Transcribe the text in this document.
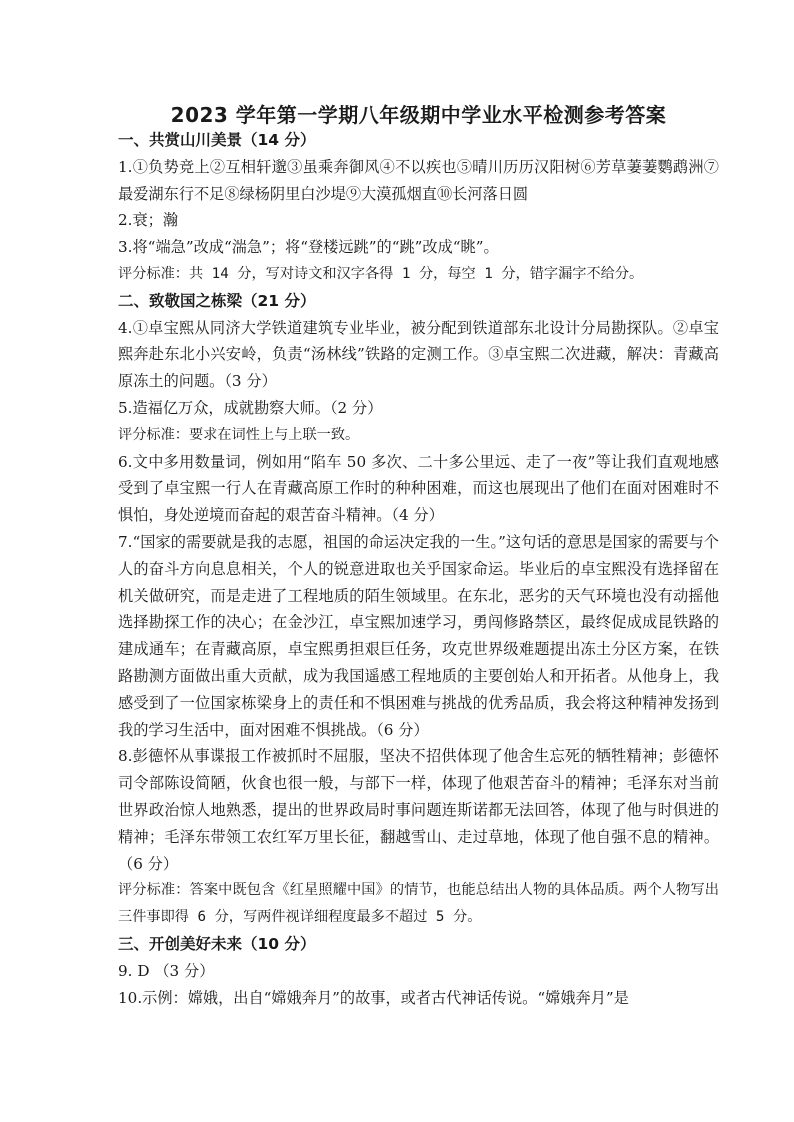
2023 学年第一学期八年级期中学业水平检测参考答案
一、共赏山川美景（14 分）
1.①负势竞上②互相轩邈③虽乘奔御风④不以疾也⑤晴川历历汉阳树⑥芳草萋萋鹦鹉洲⑦最爱湖东行不足⑧绿杨阴里白沙堤⑨大漠孤烟直⑩长河落日圆
2.衰；瀚
3.将“端急”改成“湍急”；将“登楼远跳”的“跳”改成“眺”。
评分标准：共 14 分，写对诗文和汉字各得 1 分，每空 1 分，错字漏字不给分。
二、致敬国之栋梁（21 分）
4.①卓宝熙从同济大学铁道建筑专业毕业，被分配到铁道部东北设计分局勘探队。②卓宝熙奔赴东北小兴安岭，负责“汤林线”铁路的定测工作。③卓宝熙二次进藏，解决：青藏高原冻土的问题。（3 分）
5.造福亿万众，成就勘察大师。（2 分）
评分标准：要求在词性上与上联一致。
6.文中多用数量词，例如用“陷车 50 多次、二十多公里远、走了一夜”等让我们直观地感受到了卓宝熙一行人在青藏高原工作时的种种困难，而这也展现出了他们在面对困难时不惧怕，身处逆境而奋起的艰苦奋斗精神。（4 分）
7.“国家的需要就是我的志愿，祖国的命运决定我的一生。”这句话的意思是国家的需要与个人的奋斗方向息息相关，个人的锐意进取也关乎国家命运。毕业后的卓宝熙没有选择留在机关做研究，而是走进了工程地质的陌生领域里。在东北，恶劣的天气环境也没有动摇他选择勘探工作的决心；在金沙江，卓宝熙加速学习，勇闯修路禁区，最终促成成昆铁路的建成通车；在青藏高原，卓宝熙勇担艰巨任务，攻克世界级难题提出冻土分区方案，在铁路勘测方面做出重大贡献，成为我国遥感工程地质的主要创始人和开拓者。从他身上，我感受到了一位国家栋梁身上的责任和不惧困难与挑战的优秀品质，我会将这种精神发扬到我的学习生活中，面对困难不惧挑战。（6 分）
8.彭德怀从事谍报工作被抓时不屈服，坚决不招供体现了他舍生忘死的牺牲精神；彭德怀司令部陈设简陋，伙食也很一般，与部下一样，体现了他艰苦奋斗的精神；毛泽东对当前世界政治惊人地熟悉，提出的世界政局时事问题连斯诺都无法回答，体现了他与时俱进的精神；毛泽东带领工农红军万里长征，翻越雪山、走过草地，体现了他自强不息的精神。（6 分）
评分标准：答案中既包含《红星照耀中国》的情节，也能总结出人物的具体品质。两个人物写出三件事即得 6 分，写两件视详细程度最多不超过 5 分。
三、开创美好未来（10 分）
9. D （3 分）
10.示例：嫦娥，出自“嫦娥奔月”的故事，或者古代神话传说。“嫦娥奔月”是
